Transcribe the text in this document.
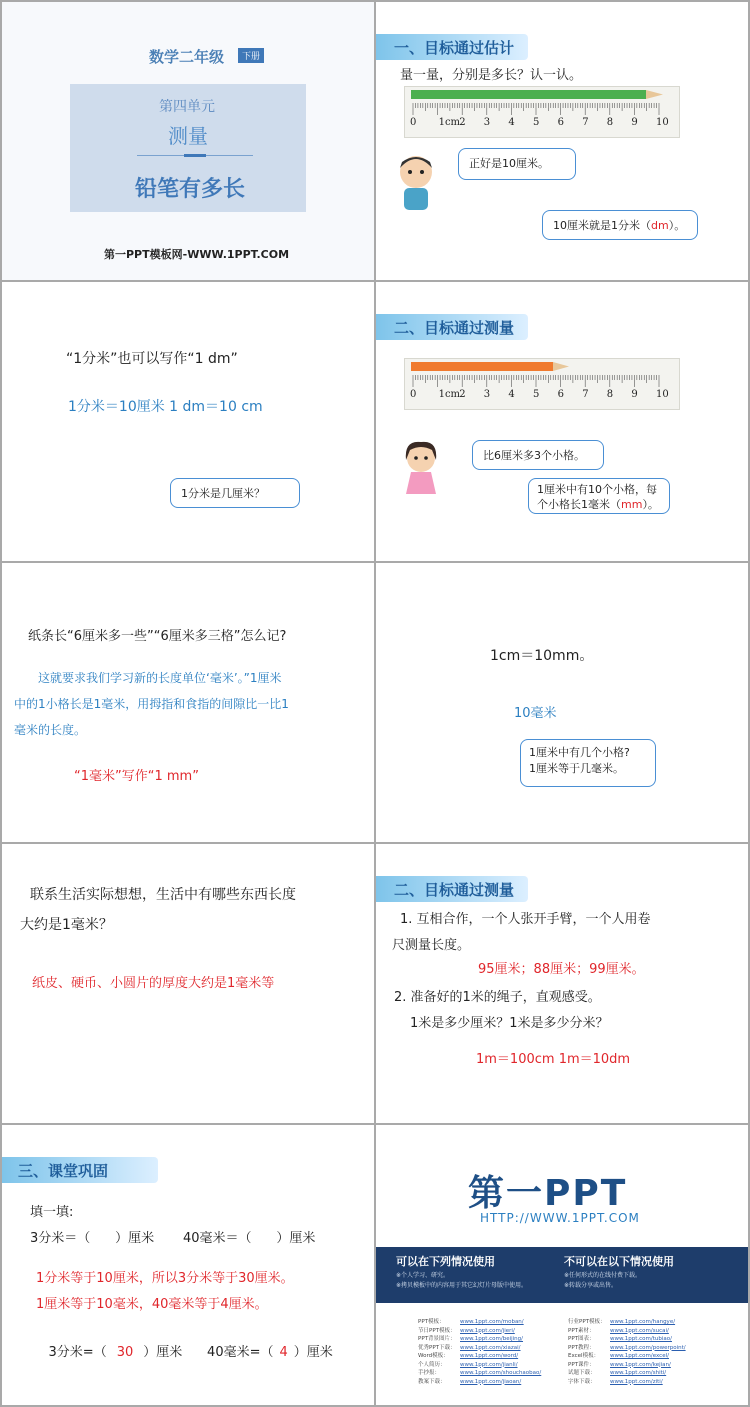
数学二年级	下册
第四单元
测量
铅笔有多长
第一PPT模板网-WWW.1PPT.COM
一、目标通过估计
量一量，分别是多长？认一认。
0 1cm 2 3 4 5 6 7 8 9 10
正好是10厘米。
10厘米就是1分米（dm）。
“1分米”也可以写作“1 dm”
1分米＝10厘米 1 dm＝10 cm
1分米是几厘米？
二、目标通过测量
0 1cm 2 3 4 5 6 7 8 9 10
比6厘米多3个小格。
1厘米中有10个小格，每
个小格长1毫米（mm）。
纸条长“6厘米多一些”“6厘米多三格”怎么记?
这就要求我们学习新的长度单位‘毫米’。”1厘米
中的1小格长是1毫米，用拇指和食指的间隙比一比1
毫米的长度。
“1毫米”写作“1 mm”
1cm＝10mm。
10毫米
1厘米中有几个小格?
1厘米等于几毫米。
联系生活实际想想，生活中有哪些东西长度
大约是1毫米？
纸皮、硬币、小圆片的厚度大约是1毫米等
二、目标通过测量
1. 互相合作，一个人张开手臂，一个人用卷
尺测量长度。
95厘米；88厘米；99厘米。
2. 准备好的1米的绳子，直观感受。
1米是多少厘米？1米是多少分米？
1m＝100cm 1m＝10dm
三、课堂巩固
填一填:
3分米＝（      ）厘米       40毫米＝（      ）厘米
1分米等于10厘米，所以3分米等于30厘米。
1厘米等于10毫米，40毫米等于4厘米。

3分米=（ 30 ）厘米      40毫米=（ 4 ）厘米

第一PPT
HTTP://WWW.1PPT.COM
可以在下列情况使用
※个人学习、研究。
※拷贝模板中的内容用于其它幻灯片母版中使用。
不可以在以下情况使用
※任何形式的在线付费下载。
※转载分享或出售。
PPT模板：	www.1ppt.com/moban/
节日PPT模板： www.1ppt.com/jieri/
PPT背景图片： www.1ppt.com/beijing/
优秀PPT下载： www.1ppt.com/xiazai/
Word模板： www.1ppt.com/word/
个人简历：	www.1ppt.com/jianli/
手抄报：	www.1ppt.com/shouchaobao/
教案下载：	www.1ppt.com/jiaoan/
行业PPT模板： www.1ppt.com/hangye/
PPT素材：	www.1ppt.com/sucai/
PPT图表：	www.1ppt.com/tubiao/
PPT教程：	www.1ppt.com/powerpoint/
Excel模板： www.1ppt.com/excel/
PPT课件：	www.1ppt.com/kejian/
试题下载：	www.1ppt.com/shiti/
字体下载：	www.1ppt.com/ziti/
